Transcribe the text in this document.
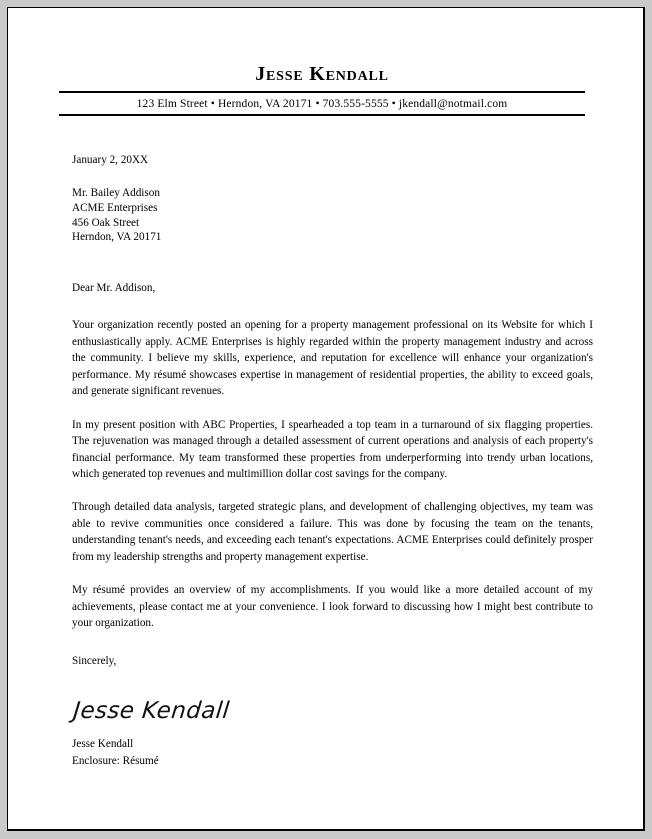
Jesse Kendall
123 Elm Street • Herndon, VA 20171 • 703.555-5555 • jkendall@notmail.com
January 2, 20XX
Mr. Bailey Addison
ACME Enterprises
456 Oak Street
Herndon, VA 20171
Dear Mr. Addison,

Your organization recently posted an opening for a property management professional on its Website for which I enthusiastically apply. ACME Enterprises is highly regarded within the property management industry and across the community. I believe my skills, experience, and reputation for excellence will enhance your organization's performance. My résumé showcases expertise in management of residential properties, the ability to exceed goals, and generate significant revenues.

In my present position with ABC Properties, I spearheaded a top team in a turnaround of six flagging properties. The rejuvenation was managed through a detailed assessment of current operations and analysis of each property's financial performance. My team transformed these properties from underperforming into trendy urban locations, which generated top revenues and multimillion dollar cost savings for the company.

Through detailed data analysis, targeted strategic plans, and development of challenging objectives, my team was able to revive communities once considered a failure. This was done by focusing the team on the tenants, understanding tenant's needs, and exceeding each tenant's expectations. ACME Enterprises could definitely prosper from my leadership strengths and property management expertise.

My résumé provides an overview of my accomplishments. If you would like a more detailed account of my achievements, please contact me at your convenience. I look forward to discussing how I might best contribute to your organization.

Sincerely,
Jesse Kendall
Jesse Kendall
Enclosure: Résumé
